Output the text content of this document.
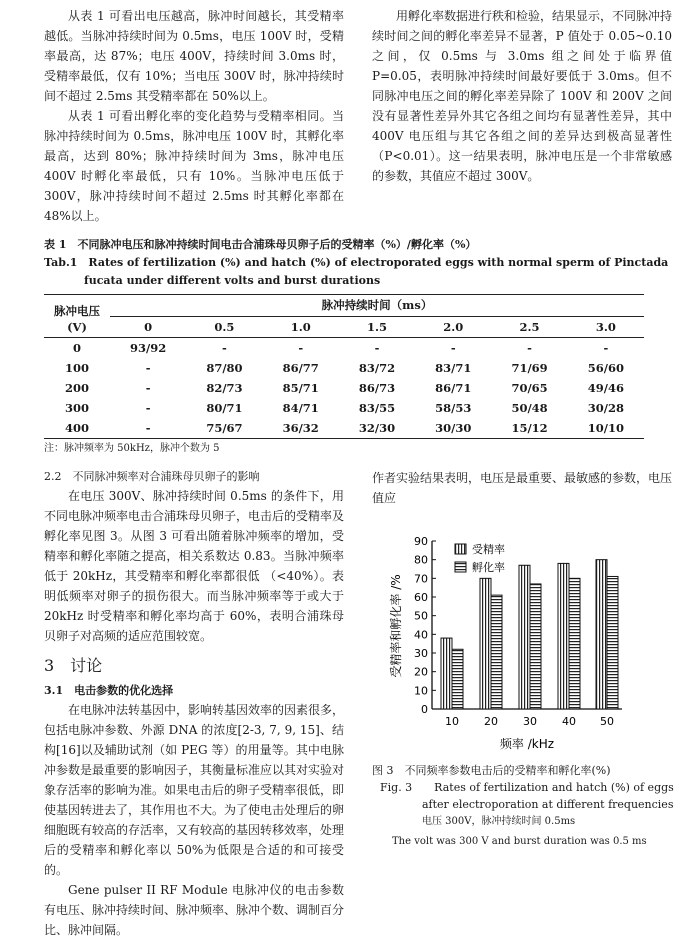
从表 1 可看出电压越高，脉冲时间越长，其受精率越低。当脉冲持续时间为 0.5ms，电压 100V 时，受精率最高，达 87%；电压 400V，持续时间 3.0ms 时，受精率最低，仅有 10%；当电压 300V 时，脉冲持续时间不超过 2.5ms 其受精率都在 50%以上。
从表 1 可看出孵化率的变化趋势与受精率相同。当脉冲持续时间为 0.5ms，脉冲电压 100V 时，其孵化率最高，达到 80%；脉冲持续时间为 3ms，脉冲电压 400V 时孵化率最低，只有 10%。当脉冲电压低于 300V，脉冲持续时间不超过 2.5ms 时其孵化率都在 48%以上。
用孵化率数据进行秩和检验，结果显示，不同脉冲持续时间之间的孵化率差异不显著，P 值处于 0.05~0.10 之间，仅 0.5ms 与 3.0ms 组之间处于临界值 P=0.05，表明脉冲持续时间最好要低于 3.0ms。但不同脉冲电压之间的孵化率差异除了 100V 和 200V 之间没有显著性差异外其它各组之间均有显著性差异，其中 400V 电压组与其它各组之间的差异达到极高显著性（P<0.01）。这一结果表明，脉冲电压是一个非常敏感的参数，其值应不超过 300V。
表 1　不同脉冲电压和脉冲持续时间电击合浦珠母贝卵子后的受精率（%）/孵化率（%）
Tab.1　Rates of fertilization (%) and hatch (%) of electroporated eggs with normal sperm of Pinctada fucata under different volts and burst durations
脉冲电压
(V)	脉冲持续时间（ms）						
	0	0.5	1.0	1.5	2.0	2.5	3.0
0	93/92	-	-	-	-	-	-
100	-	87/80	86/77	83/72	83/71	71/69	56/60
200	-	82/73	85/71	86/73	86/71	70/65	49/46
300	-	80/71	84/71	83/55	58/53	50/48	30/28
400	-	75/67	36/32	32/30	30/30	15/12	10/10
注：脉冲频率为 50kHz，脉冲个数为 5
2.2　不同脉冲频率对合浦珠母贝卵子的影响
在电压 300V、脉冲持续时间 0.5ms 的条件下，用不同电脉冲频率电击合浦珠母贝卵子，电击后的受精率及孵化率见图 3。从图 3 可看出随着脉冲频率的增加，受精率和孵化率随之提高，相关系数达 0.83。当脉冲频率低于 20kHz，其受精率和孵化率都很低 （<40%）。表明低频率对卵子的损伤很大。而当脉冲频率等于或大于 20kHz 时受精率和孵化率均高于 60%，表明合浦珠母贝卵子对高频的适应范围较宽。
3　讨论
3.1　电击参数的优化选择
在电脉冲法转基因中，影响转基因效率的因素很多，包括电脉冲参数、外源 DNA 的浓度[2-3, 7, 9, 15]、结构[16]以及辅助试剂（如 PEG 等）的用量等。其中电脉冲参数是最重要的影响因子，其衡量标准应以其对实验对象存活率的影响为准。如果电击后的卵子受精率很低，即使基因转进去了，其作用也不大。为了使电击处理后的卵细胞既有较高的存活率，又有较高的基因转移效率，处理后的受精率和孵化率以 50%为低限是合适的和可接受的。
Gene pulser II RF Module 电脉冲仪的电击参数有电压、脉冲持续时间、脉冲频率、脉冲个数、调制百分比、脉冲间隔。
作者实验结果表明，电压是最重要、最敏感的参数，电压值应
0
10
20
30
40
50
60
70
80
90
10 20 30 40 50
受精率
孵化率
频率 /kHz
受精率和孵化率 /%
图 3　不同频率参数电击后的受精率和孵化率(%)
Fig. 3　　Rates of fertilization and hatch (%) of eggs
after electroporation at different frequencies
电压 300V，脉冲持续时间 0.5ms
The volt was 300 V and burst duration was 0.5 ms
